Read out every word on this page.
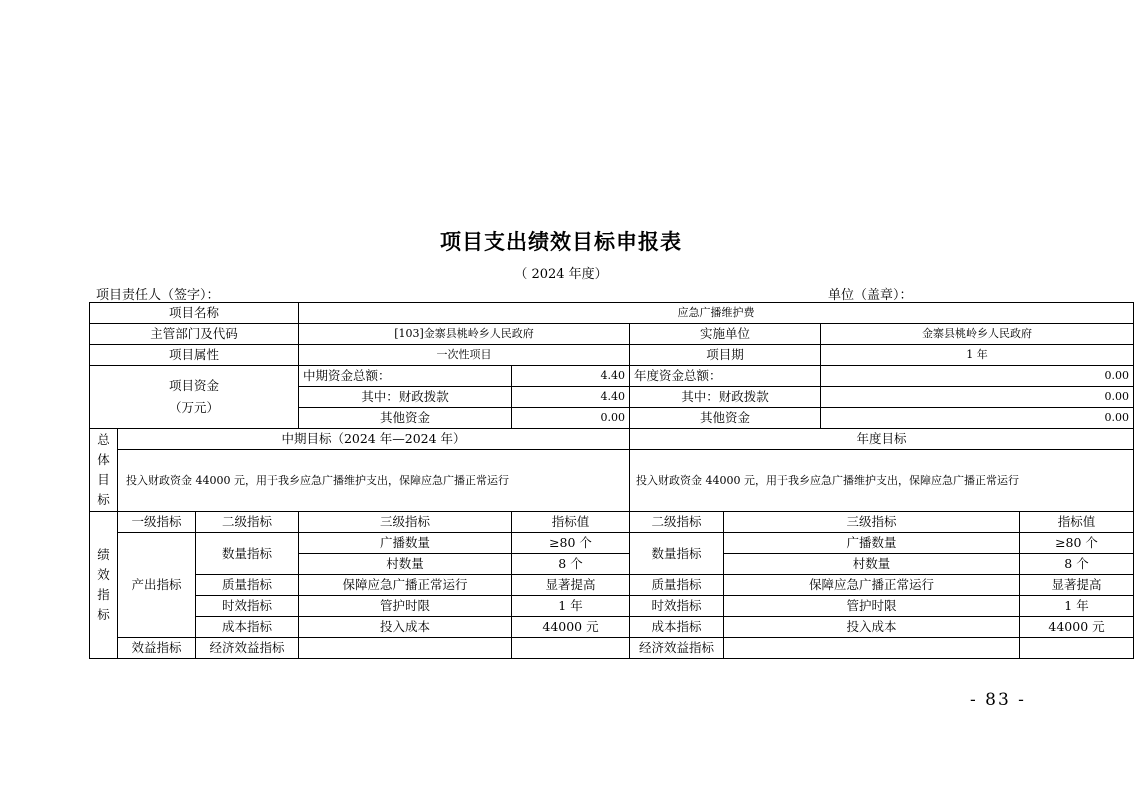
项目支出绩效目标申报表
（ 2024 年度）
项目责任人（签字）：	单位（盖章）：
项目名称			应急广播维护费					
主管部门及代码			[103]金寨县桃岭乡人民政府		实施单位		金寨县桃岭乡人民政府	
项目属性			一次性项目		项目期		1 年	

项目资金
（万元）			中期资金总额：	4.40	年度资金总额：		0.00	
			其中：财政拨款	4.40	其中：财政拨款		0.00	
			其他资金	0.00	其他资金		0.00	

总
体
目
标	中期目标（2024 年—2024 年）				年度目标			
	投入财政资金 44000 元，用于我乡应急广播维护支出，保障应急广播正常运行				投入财政资金 44000 元，用于我乡应急广播维护支出，保障应急广播正常运行			

绩
效
指
标	一级指标	二级指标	三级指标	指标值	二级指标	三级指标		指标值
	产出指标	数量指标	广播数量	≥80 个	数量指标	广播数量		≥80 个
			村数量	8 个		村数量		8 个
		质量指标	保障应急广播正常运行	显著提高	质量指标	保障应急广播正常运行		显著提高
		时效指标	管护时限	1 年	时效指标	管护时限		1 年
		成本指标	投入成本	44000 元	成本指标	投入成本		44000 元
	效益指标	经济效益指标			经济效益指标			
- 83 -
